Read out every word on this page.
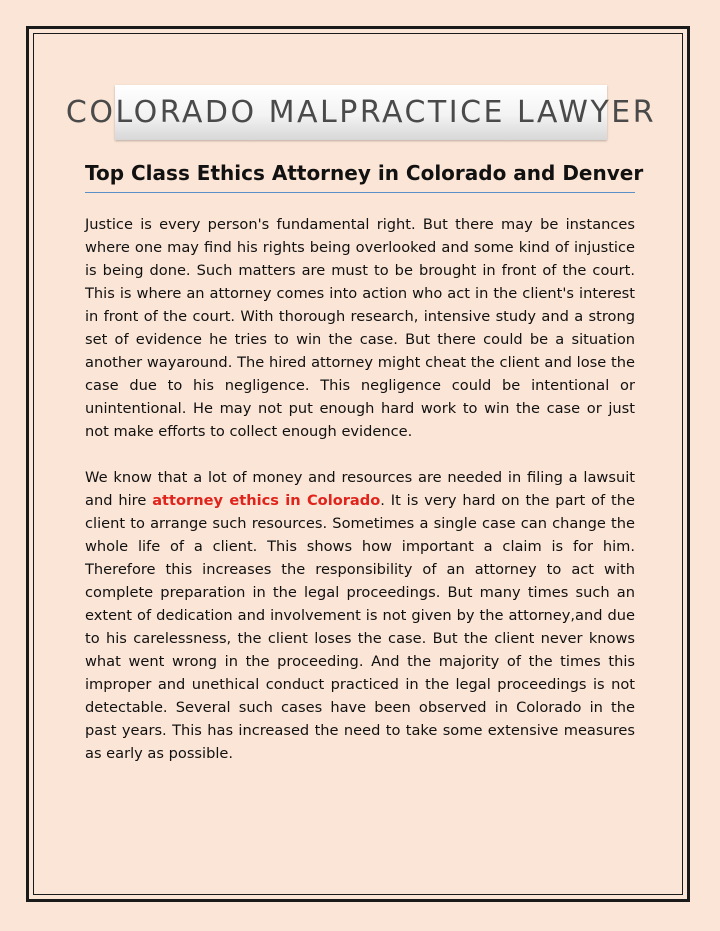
COLORADO MALPRACTICE LAWYER
Top Class Ethics Attorney in Colorado and Denver

Justice is every person's fundamental right. But there may be instances where one may find his rights being overlooked and some kind of injustice is being done. Such matters are must to be brought in front of the court. This is where an attorney comes into action who act in the client's interest in front of the court. With thorough research, intensive study and a strong set of evidence he tries to win the case. But there could be a situation another wayaround. The hired attorney might cheat the client and lose the case due to his negligence. This negligence could be intentional or unintentional. He may not put enough hard work to win the case or just not make efforts to collect enough evidence.

We know that a lot of money and resources are needed in filing a lawsuit and hire attorney ethics in Colorado. It is very hard on the part of the client to arrange such resources. Sometimes a single case can change the whole life of a client. This shows how important a claim is for him. Therefore this increases the responsibility of an attorney to act with complete preparation in the legal proceedings. But many times such an extent of dedication and involvement is not given by the attorney,and due to his carelessness, the client loses the case. But the client never knows what went wrong in the proceeding. And the majority of the times this improper and unethical conduct practiced in the legal proceedings is not detectable. Several such cases have been observed in Colorado in the past years. This has increased the need to take some extensive measures as early as possible.
